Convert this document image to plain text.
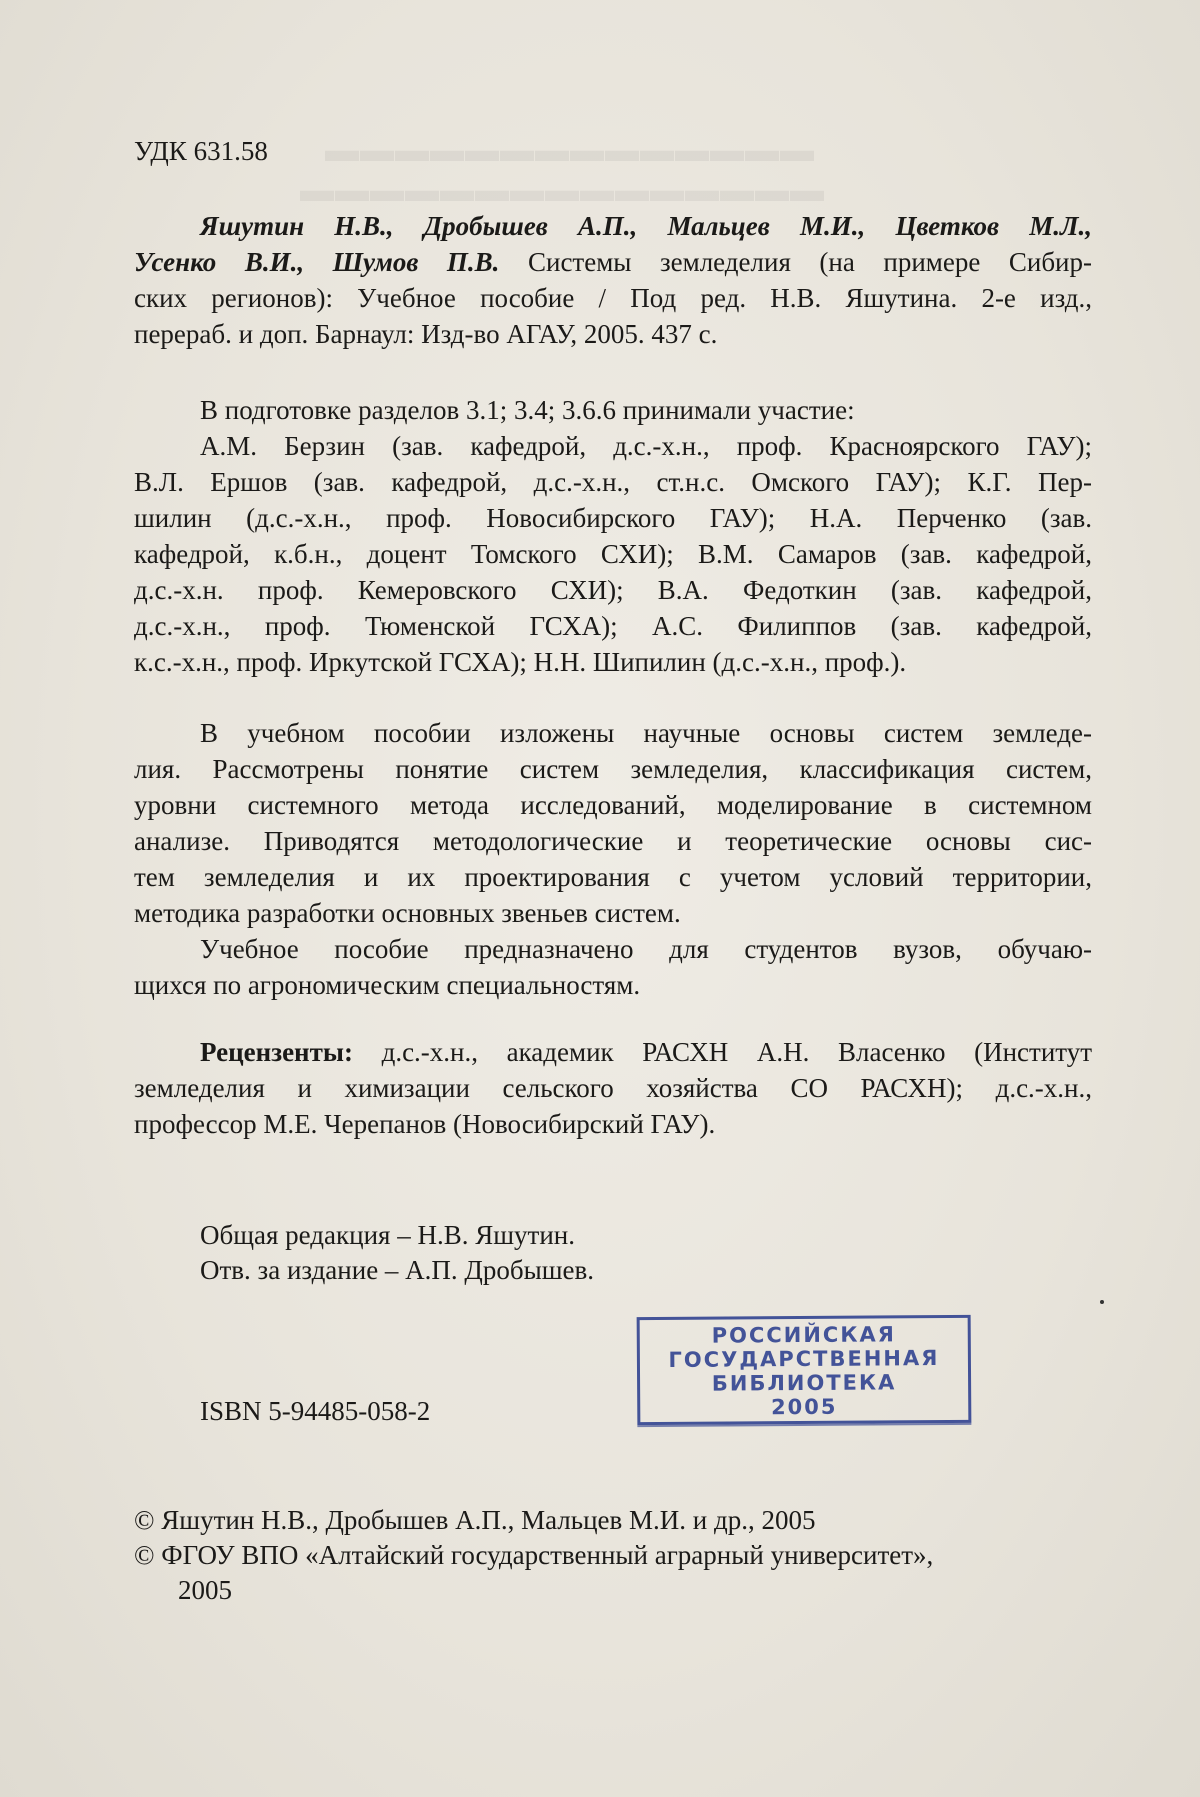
▬▬▬▬▬▬▬▬▬▬▬▬▬▬
▬▬▬▬▬▬▬▬▬▬▬▬▬▬▬
УДК 631.58
Яшутин Н.В., Дробышев А.П., Мальцев М.И., Цветков М.Л.,
Усенко В.И., Шумов П.В. Системы земледелия (на примере Сибир-
ских регионов): Учебное пособие / Под ред. Н.В. Яшутина. 2-е изд.,
перераб. и доп. Барнаул: Изд-во АГАУ, 2005. 437 с.
В подготовке разделов 3.1; 3.4; 3.6.6 принимали участие:
А.М. Берзин (зав. кафедрой, д.с.-х.н., проф. Красноярского ГАУ);
В.Л. Ершов (зав. кафедрой, д.с.-х.н., ст.н.с. Омского ГАУ); К.Г. Пер-
шилин (д.с.-х.н., проф. Новосибирского ГАУ); Н.А. Перченко (зав.
кафедрой, к.б.н., доцент Томского СХИ); В.М. Самаров (зав. кафедрой,
д.с.-х.н. проф. Кемеровского СХИ); В.А. Федоткин (зав. кафедрой,
д.с.-х.н., проф. Тюменской ГСХА); А.С. Филиппов (зав. кафедрой,
к.с.-х.н., проф. Иркутской ГСХА); Н.Н. Шипилин (д.с.-х.н., проф.).
В учебном пособии изложены научные основы систем земледе-
лия. Рассмотрены понятие систем земледелия, классификация систем,
уровни системного метода исследований, моделирование в системном
анализе. Приводятся методологические и теоретические основы сис-
тем земледелия и их проектирования с учетом условий территории,
методика разработки основных звеньев систем.
Учебное пособие предназначено для студентов вузов, обучаю-
щихся по агрономическим специальностям.
Рецензенты: д.с.-х.н., академик РАСХН А.Н. Власенко (Институт
земледелия и химизации сельского хозяйства СО РАСХН); д.с.-х.н.,
профессор М.Е. Черепанов (Новосибирский ГАУ).
Общая редакция – Н.В. Яшутин.
Отв. за издание – А.П. Дробышев.
РОССИЙСКАЯ
ГОСУДАРСТВЕННАЯ
БИБЛИОТЕКА
2005
ISBN 5-94485-058-2
© Яшутин Н.В., Дробышев А.П., Мальцев М.И. и др., 2005
© ФГОУ ВПО «Алтайский государственный аграрный университет»,
2005
